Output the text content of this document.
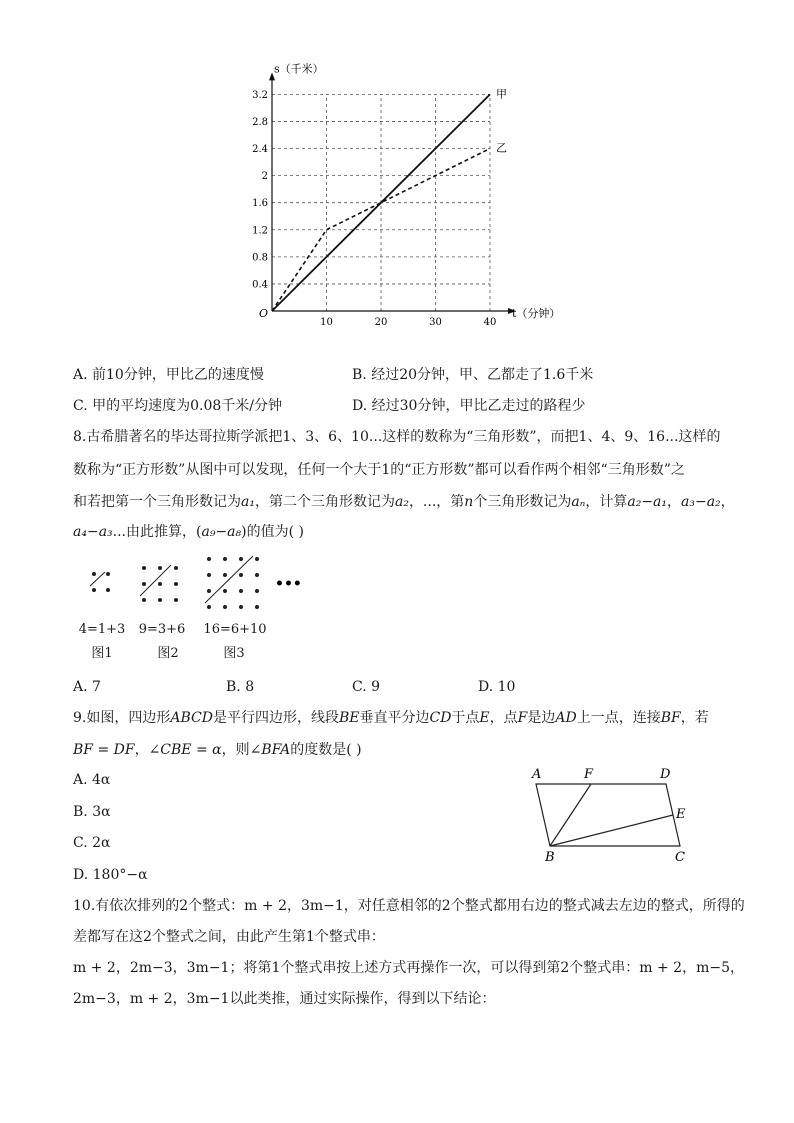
10	20	30	40
0.4
0.8
1.2
1.6
2
2.4
2.8
3.2
O
s（千米）
t（分钟）
甲
乙
A. 前10分钟，甲比乙的速度慢	B. 经过20分钟，甲、乙都走了1.6千米
C. 甲的平均速度为0.08千米/分钟	D. 经过30分钟，甲比乙走过的路程少
8.古希腊著名的毕达哥拉斯学派把1、3、6、10...这样的数称为“三角形数”，而把1、4、9、16...这样的
数称为“正方形数”从图中可以发现，任何一个大于1的“正方形数”都可以看作两个相邻“三角形数”之
和若把第一个三角形数记为a₁，第二个三角形数记为a₂，...，第n个三角形数记为aₙ，计算a₂−a₁，a₃−a₂，
a₄−a₃...由此推算，(a₉−a₈)的值为( )
•••
4=1+3	9=3+6	16=6+10
图1	图2	图3
A. 7	B. 8	C. 9	D. 10
9.如图，四边形ABCD是平行四边形，线段BE垂直平分边CD于点E，点F是边AD上一点，连接BF，若
BF = DF，∠CBE = α，则∠BFA的度数是( )
A. 4α
B. 3α
C. 2α
D. 180°−α
A	F	D
E
B	C
10.有依次排列的2个整式：m + 2，3m−1，对任意相邻的2个整式都用右边的整式减去左边的整式，所得的
差都写在这2个整式之间，由此产生第1个整式串：
m + 2，2m−3，3m−1；将第1个整式串按上述方式再操作一次，可以得到第2个整式串：m + 2，m−5，
2m−3，m + 2，3m−1以此类推，通过实际操作，得到以下结论：
